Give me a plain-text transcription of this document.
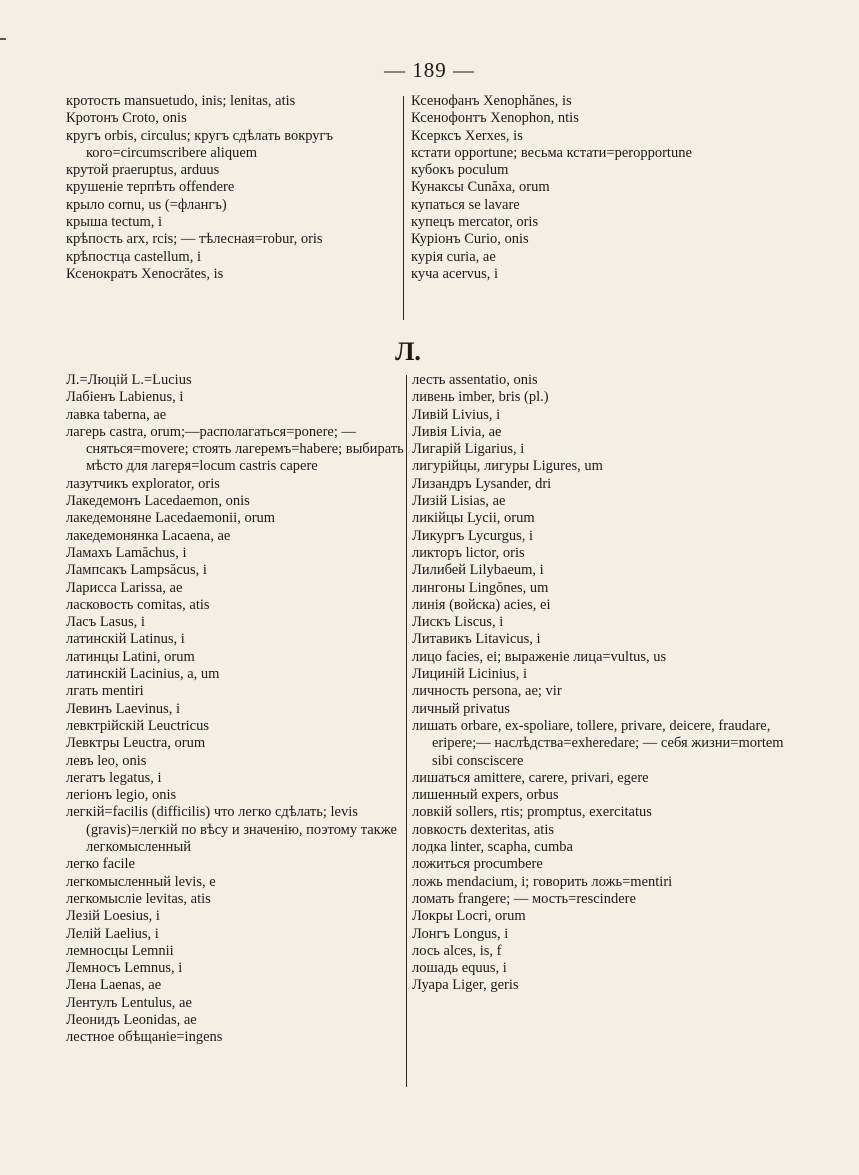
— 189 —
кротость mansuetudo, inis; lenitas, atis
Кротонъ Croto, onis
кругъ orbis, circulus; кругъ сдѣлать вокругъ кого=circumscribere aliquem
крутой praeruptus, arduus
крушеніе терпѣть offendere
крыло cornu, us (=флангъ)
крыша tectum, i
крѣпость arx, rcis; — тѣлесная=robur, oris
крѣпостца castellum, i
Ксенократъ Xenocrătes, is
Ксенофанъ Xenophănes, is
Ксенофонтъ Xenophon, ntis
Ксерксъ Xerxes, is
кстати opportune; весьма кстати=peropportune
кубокъ poculum
Кунаксы Cunăxa, orum
купаться se lavare
купецъ mercator, oris
Куріонъ Curio, onis
курія curia, ae
куча acervus, i
Л.
Л.=Люцій L.=Lucius
Лабіенъ Labienus, i
лавка taberna, ae
лагерь castra, orum;—располагаться=ponere; — сняться=movere; стоять лагеремъ=habere; выбирать мѣсто для лагеря=locum castris capere
лазутчикъ explorator, oris
Лакедемонъ Lacedaemon, onis
лакедемоняне Lacedaemonii, orum
лакедемонянка Lacaena, ae
Ламахъ Lamăchus, i
Лампсакъ Lampsăcus, i
Ларисса Larissa, ae
ласковость comitas, atis
Ласъ Lasus, i
латинскій Latinus, i
латинцы Latini, orum
латинскій Lacinius, a, um
лгать mentiri
Левинъ Laevinus, i
левктрійскій Leuctricus
Левктры Leuctra, orum
левъ leo, onis
легатъ legatus, i
легіонъ legio, onis
легкій=facilis (difficilis) что легко сдѣлать; levis (gravis)=легкій по вѣсу и значенію, поэтому также легкомысленный
легко facile
легкомысленный levis, e
легкомысліе levitas, atis
Лезій Loesius, i
Лелій Laelius, i
лемносцы Lemnii
Лемносъ Lemnus, i
Лена Laenas, ae
Лентулъ Lentulus, ae
Леонидъ Leonidas, ae
лестное обѣщаніе=ingens
лесть assentatio, onis
ливень imber, bris (pl.)
Ливій Livius, i
Ливія Livia, ae
Лигарій Ligarius, i
лигурійцы, лигуры Ligures, um
Лизандръ Lysander, dri
Лизій Lisias, ae
ликійцы Lycii, orum
Ликургъ Lycurgus, i
ликторъ lictor, oris
Лилибей Lilybaeum, i
лингоны Lingŏnes, um
линія (войска) acies, ei
Лискъ Liscus, i
Литавикъ Litavicus, i
лицо facies, ei; выраженіе лица=vultus, us
Лициній Licinius, i
личность persona, ae; vir
личный privatus
лишать orbare, ex-spoliare, tollere, privare, deicere, fraudare, eripere;— наслѣдства=exheredare; — себя жизни=mortem sibi consciscere
лишаться amittere, carere, privari, egere
лишенный expers, orbus
ловкій sollers, rtis; promptus, exercitatus
ловкость dexteritas, atis
лодка linter, scapha, cumba
ложиться procumbere
ложь mendacium, i; говорить ложь=mentiri
ломать frangere; — мость=rescindere
Локры Locri, orum
Лонгъ Longus, i
лось alces, is, f
лошадь equus, i
Луара Liger, geris
